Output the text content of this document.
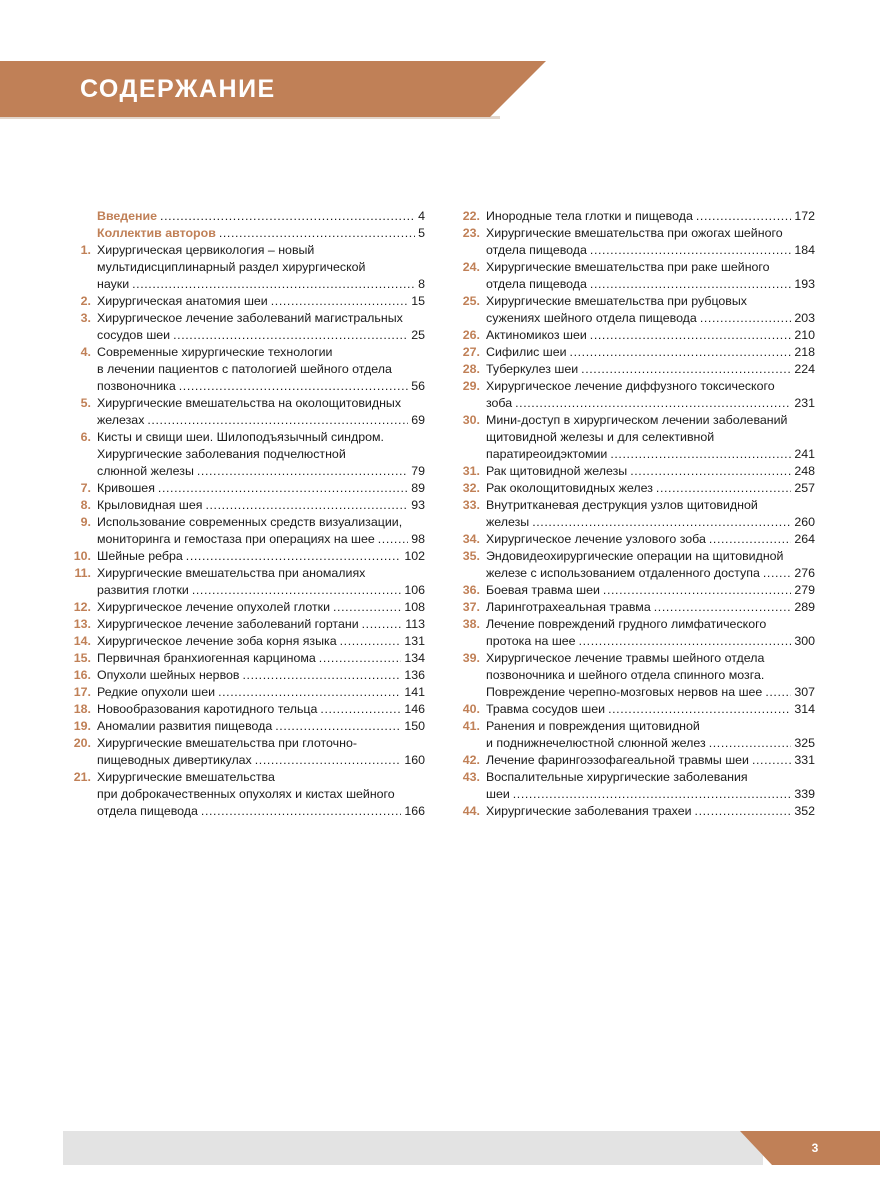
СОДЕРЖАНИЕ
Введение .....	4
Коллектив авторов .....	5
1. Хирургическая цервикология – новый
мультидисциплинарный раздел хирургической
науки .....	8
2. Хирургическая анатомия шеи .....	15
3. Хирургическое лечение заболеваний магистральных
сосудов шеи .....	25
4. Современные хирургические технологии
в лечении пациентов с патологией шейного отдела
позвоночника .....	56
5. Хирургические вмешательства на околощитовидных
железах .....	69
6. Кисты и свищи шеи. Шилоподъязычный синдром.
Хирургические заболевания подчелюстной
слюнной железы .....	79
7. Кривошея .....	89
8. Крыловидная шея .....	93
9. Использование современных средств визуализации,
мониторинга и гемостаза при операциях на шее .....	98
10. Шейные ребра .....	102
11. Хирургические вмешательства при аномалиях
развития глотки .....	106
12. Хирургическое лечение опухолей глотки .....	108
13. Хирургическое лечение заболеваний гортани .....	113
14. Хирургическое лечение зоба корня языка .....	131
15. Первичная бранхиогенная карцинома .....	134
16. Опухоли шейных нервов .....	136
17. Редкие опухоли шеи .....	141
18. Новообразования каротидного тельца .....	146
19. Аномалии развития пищевода .....	150
20. Хирургические вмешательства при глоточно-
пищеводных дивертикулах .....	160
21. Хирургические вмешательства
при доброкачественных опухолях и кистах шейного
отдела пищевода .....	166
22. Инородные тела глотки и пищевода .....	172
23. Хирургические вмешательства при ожогах шейного
отдела пищевода .....	184
24. Хирургические вмешательства при раке шейного
отдела пищевода .....	193
25. Хирургические вмешательства при рубцовых
сужениях шейного отдела пищевода .....	203
26. Актиномикоз шеи .....	210
27. Сифилис шеи .....	218
28. Туберкулез шеи .....	224
29. Хирургическое лечение диффузного токсического
зоба .....	231
30. Мини-доступ в хирургическом лечении заболеваний
щитовидной железы и для селективной
паратиреоидэктомии .....	241
31. Рак щитовидной железы .....	248
32. Рак околощитовидных желез .....	257
33. Внутритканевая деструкция узлов щитовидной
железы .....	260
34. Хирургическое лечение узлового зоба .....	264
35. Эндовидеохирургические операции на щитовидной
железе с использованием отдаленного доступа .....	276
36. Боевая травма шеи .....	279
37. Ларинготрахеальная травма .....	289
38. Лечение повреждений грудного лимфатического
протока на шее .....	300
39. Хирургическое лечение травмы шейного отдела
позвоночника и шейного отдела спинного мозга.
Повреждение черепно-мозговых нервов на шее .....	307
40. Травма сосудов шеи .....	314
41. Ранения и повреждения щитовидной
и поднижнечелюстной слюнной желез .....	325
42. Лечение фарингоэзофагеальной травмы шеи .....	331
43. Воспалительные хирургические заболевания
шеи .....	339
44. Хирургические заболевания трахеи .....	352
3
